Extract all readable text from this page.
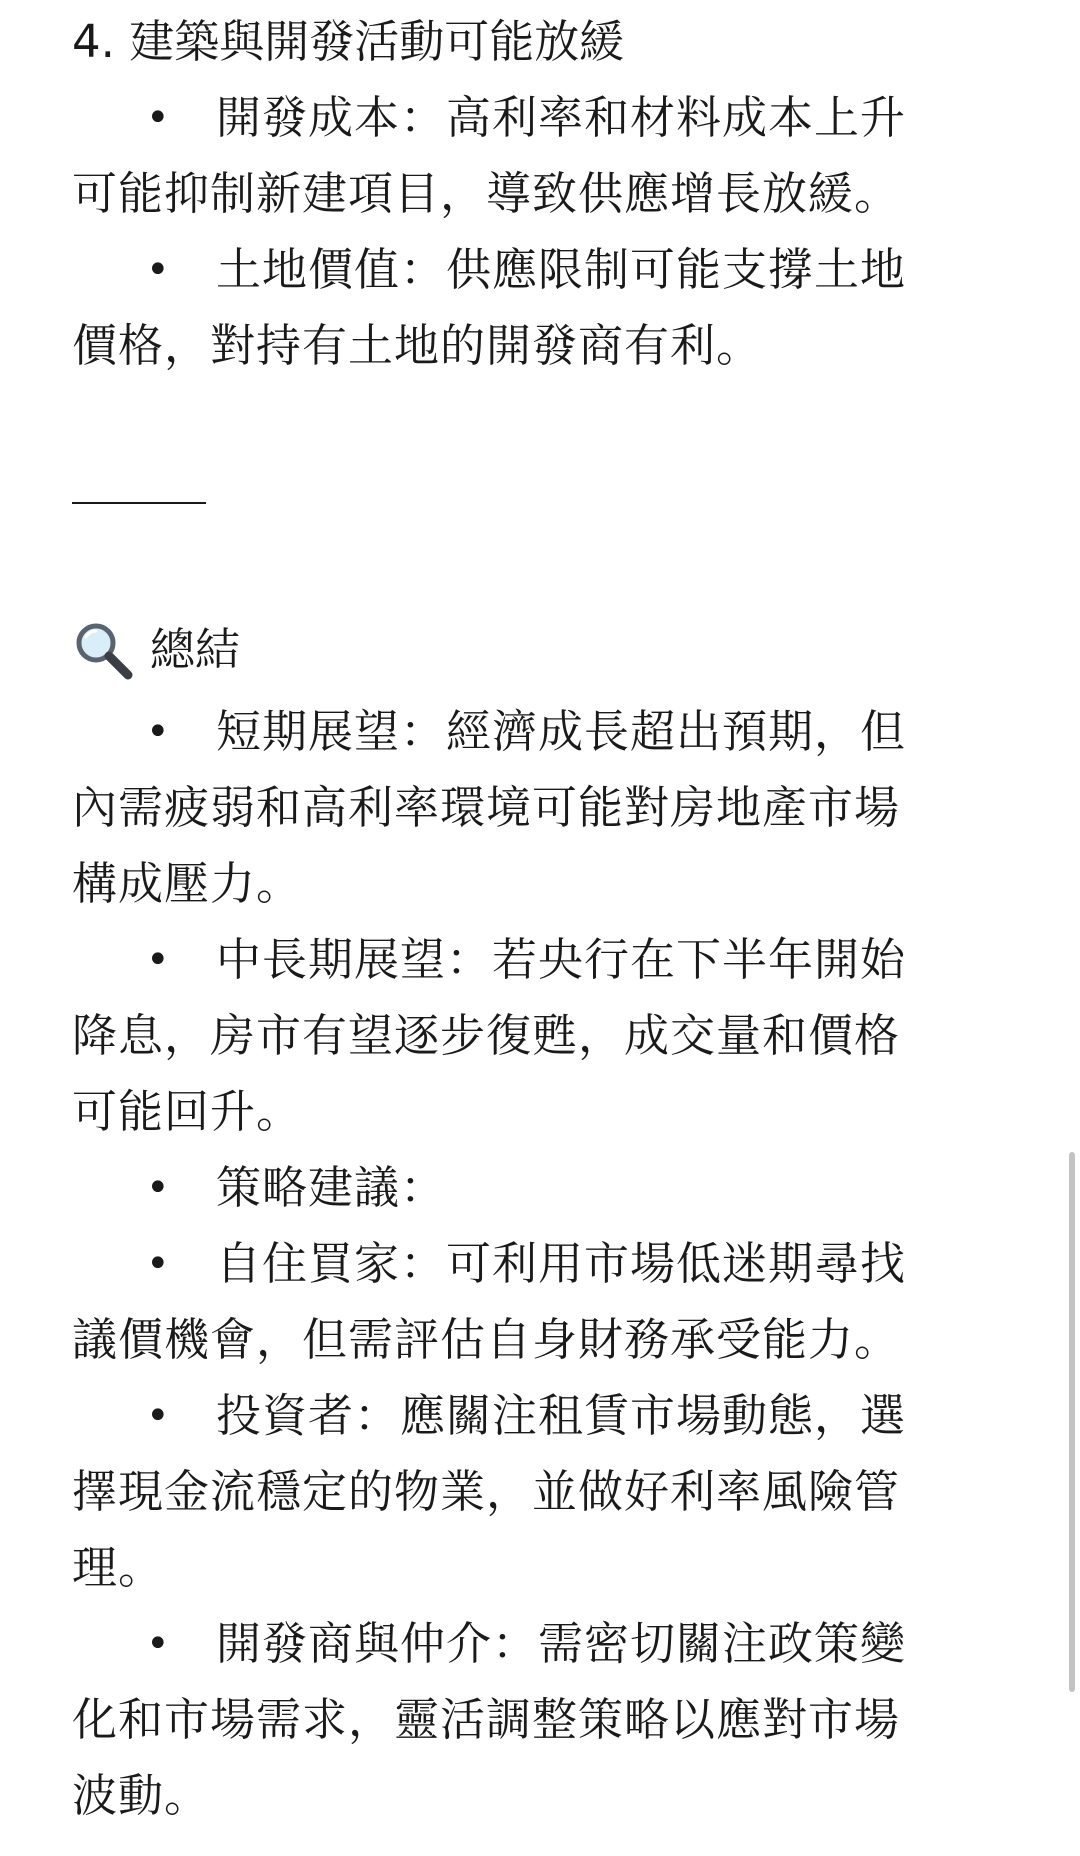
4. 建築與開發活動可能放緩
• 開發成本：高利率和材料成本上升
可能抑制新建項目，導致供應增長放緩。
• 土地價值：供應限制可能支撐土地
價格，對持有土地的開發商有利。
總結
• 短期展望：經濟成長超出預期，但
內需疲弱和高利率環境可能對房地產市場
構成壓力。
• 中長期展望：若央行在下半年開始
降息，房市有望逐步復甦，成交量和價格
可能回升。
• 策略建議：
• 自住買家：可利用市場低迷期尋找
議價機會，但需評估自身財務承受能力。
• 投資者：應關注租賃市場動態，選
擇現金流穩定的物業，並做好利率風險管
理。
• 開發商與仲介：需密切關注政策變
化和市場需求，靈活調整策略以應對市場
波動。
